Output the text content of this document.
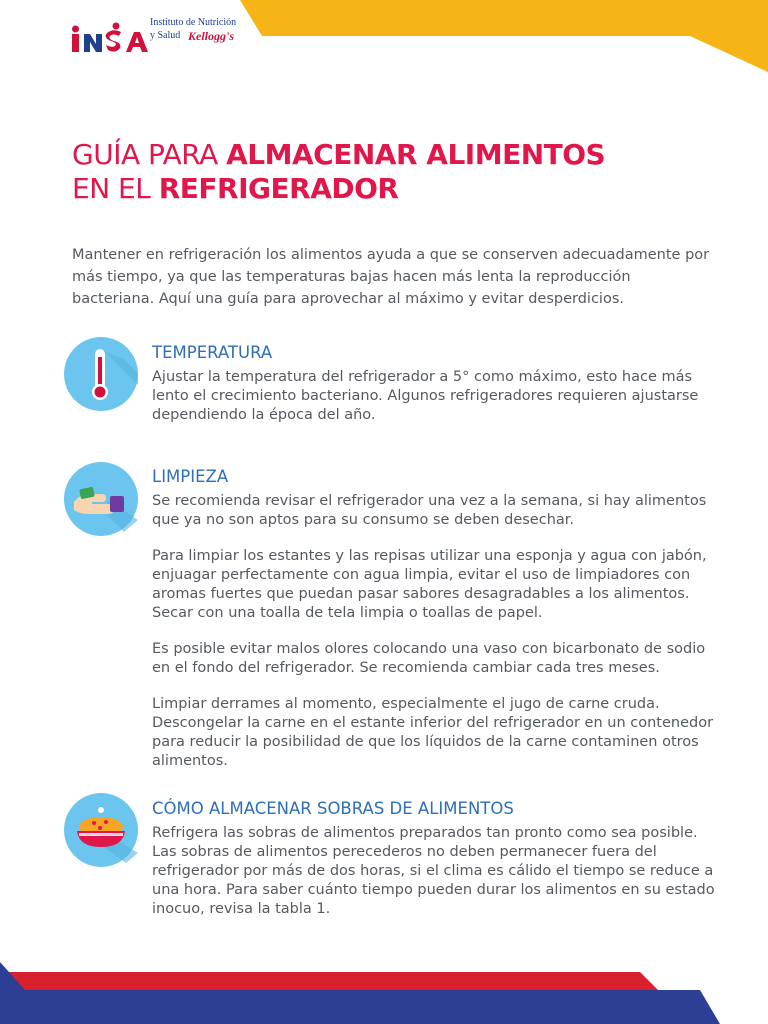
Instituto de Nutrición
y Salud Kellogg's
GUÍA PARA ALMACENAR ALIMENTOS
EN EL REFRIGERADOR

Mantener en refrigeración los alimentos ayuda a que se conserven adecuadamente por más tiempo, ya que las temperaturas bajas hacen más lenta la reproducción bacteriana. Aquí una guía para aprovechar al máximo y evitar desperdicios.

TEMPERATURA

Ajustar la temperatura del refrigerador a 5° como máximo, esto hace más lento el crecimiento bacteriano. Algunos refrigeradores requieren ajustarse dependiendo la época del año.

LIMPIEZA

Se recomienda revisar el refrigerador una vez a la semana, si hay alimentos que ya no son aptos para su consumo se deben desechar.

Para limpiar los estantes y las repisas utilizar una esponja y agua con jabón, enjuagar perfectamente con agua limpia, evitar el uso de limpiadores con aromas fuertes que puedan pasar sabores desagradables a los alimentos. Secar con una toalla de tela limpia o toallas de papel.

Es posible evitar malos olores colocando una vaso con bicarbonato de sodio en el fondo del refrigerador. Se recomienda cambiar cada tres meses.

Limpiar derrames al momento, especialmente el jugo de carne cruda. Descongelar la carne en el estante inferior del refrigerador en un contenedor para reducir la posibilidad de que los líquidos de la carne contaminen otros alimentos.

CÓMO ALMACENAR SOBRAS DE ALIMENTOS

Refrigera las sobras de alimentos preparados tan pronto como sea posible. Las sobras de alimentos perecederos no deben permanecer fuera del refrigerador por más de dos horas, si el clima es cálido el tiempo se reduce a una hora. Para saber cuánto tiempo pueden durar los alimentos en su estado inocuo, revisa la tabla 1.
